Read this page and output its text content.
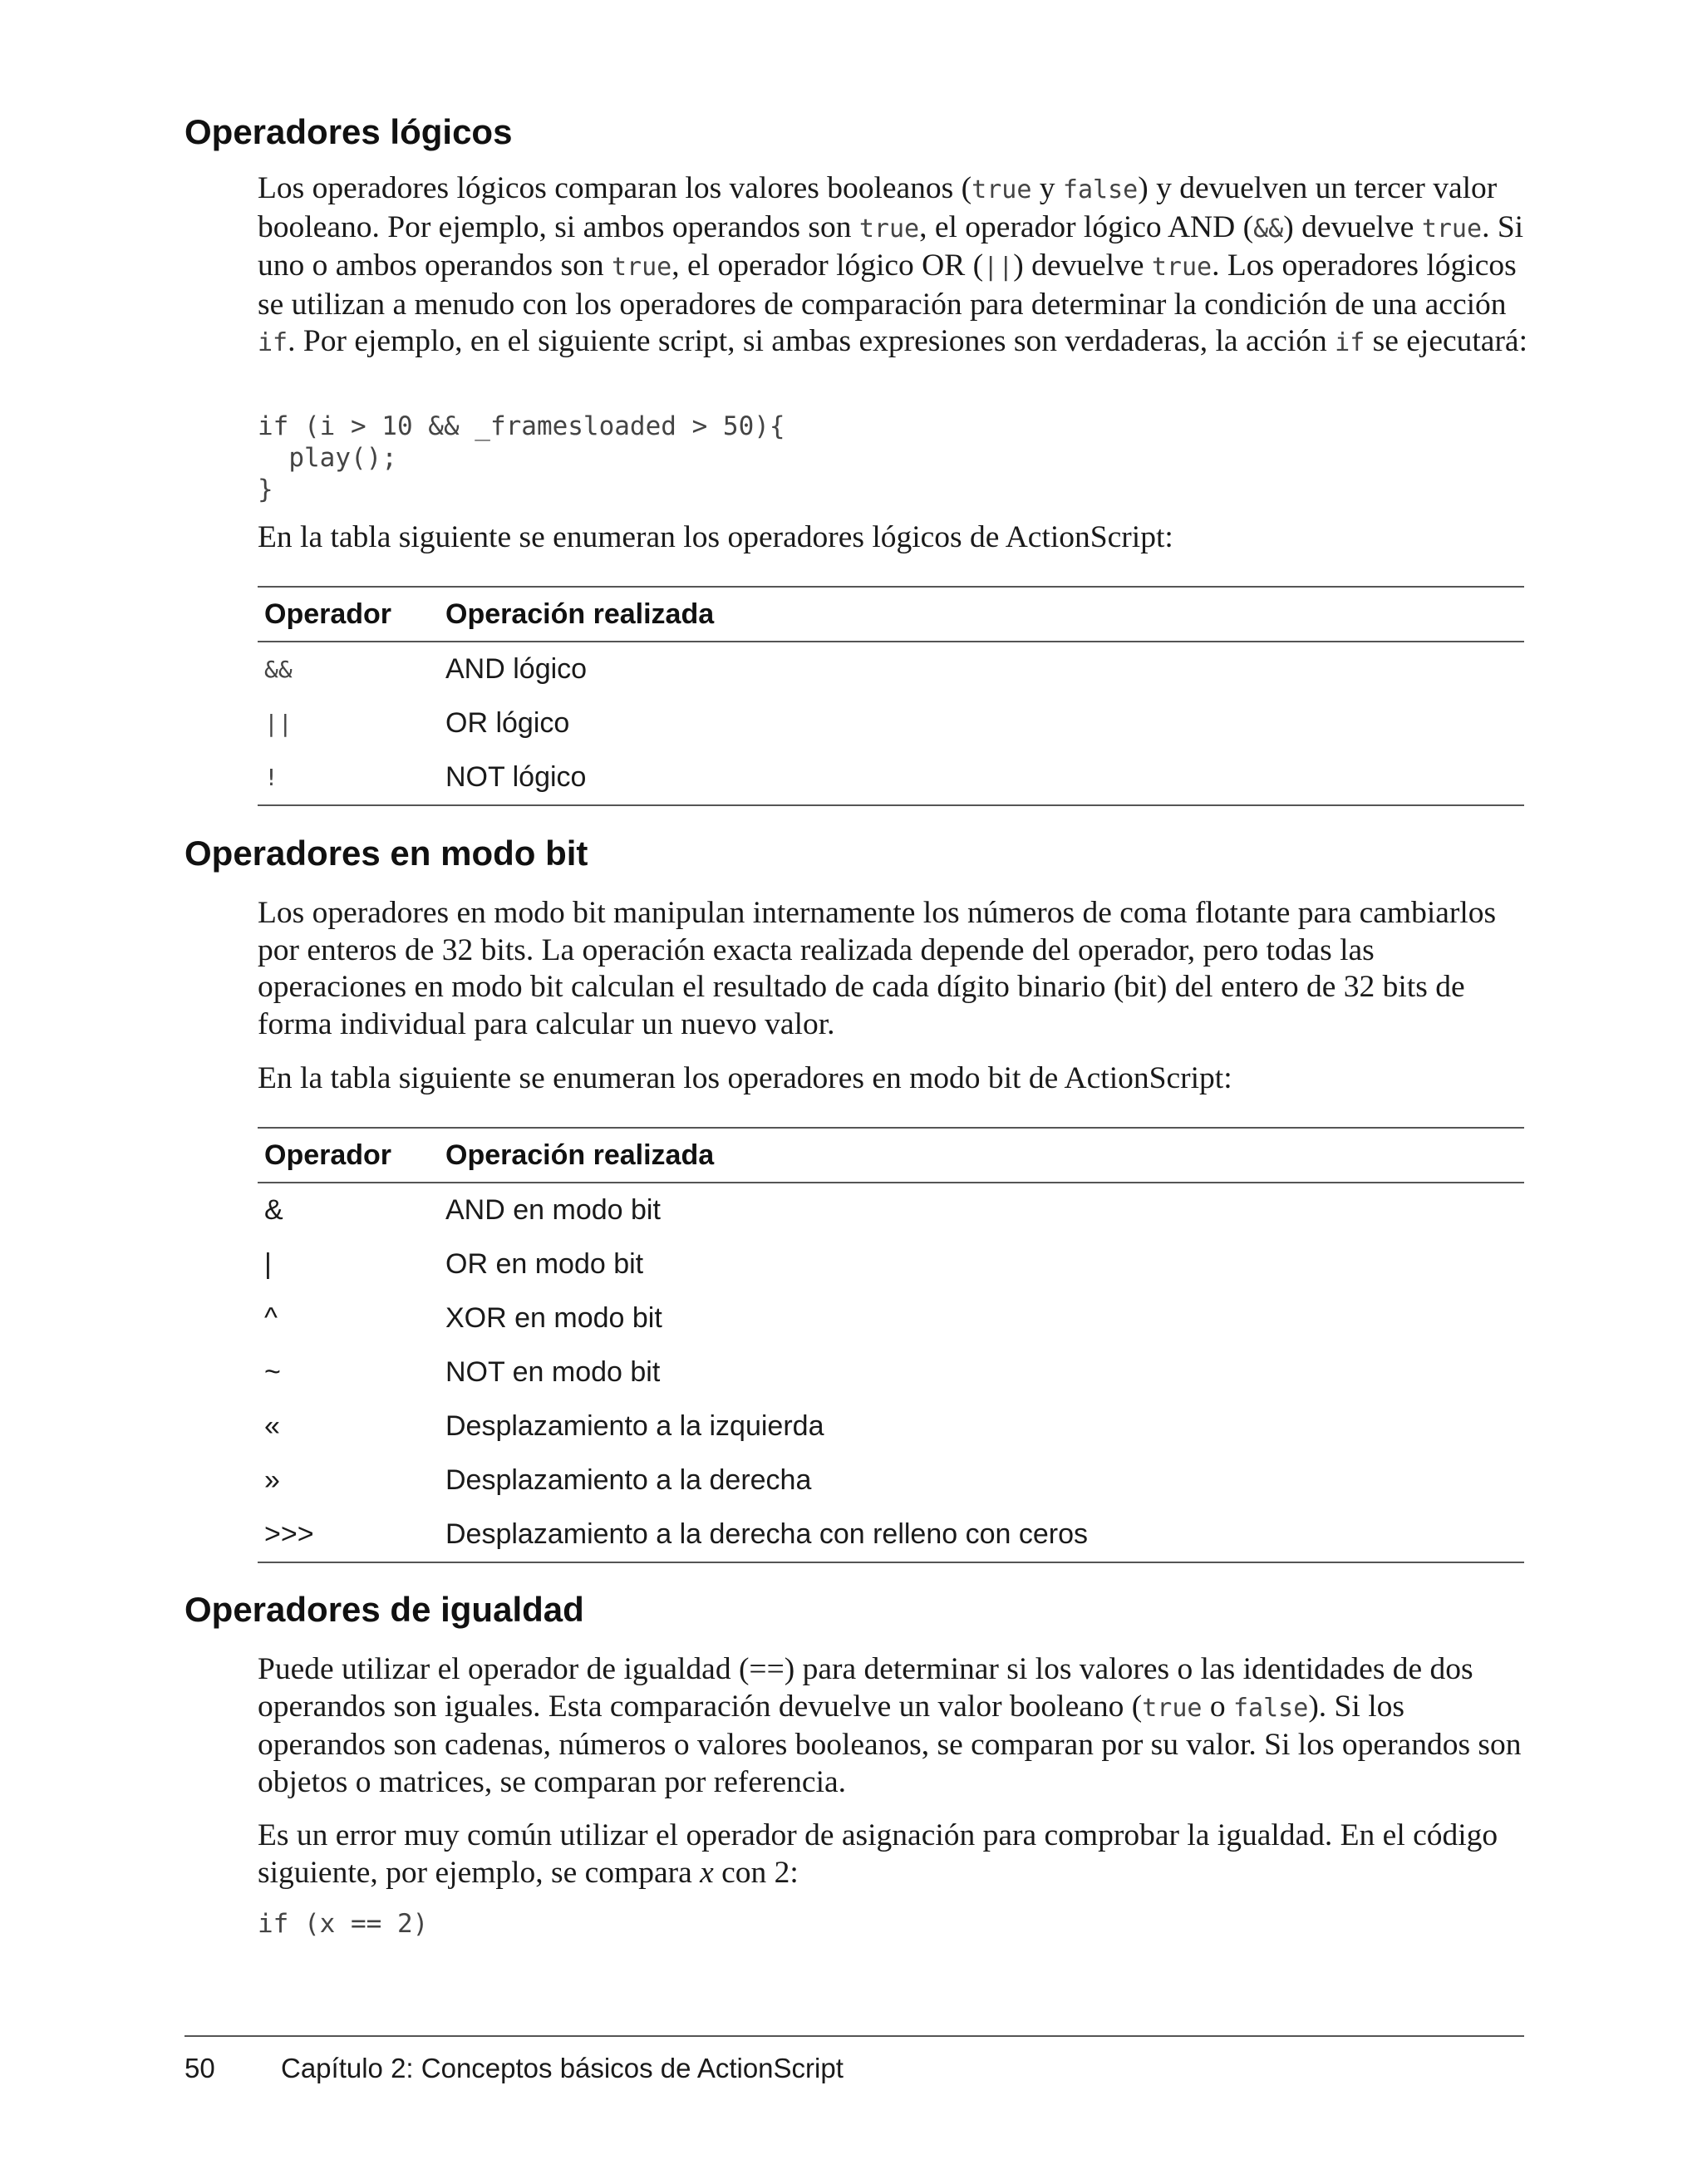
Operadores lógicos

Los operadores lógicos comparan los valores booleanos (true y false) y devuelven un tercer valor booleano. Por ejemplo, si ambos operandos son true, el operador lógico AND (&&) devuelve true. Si uno o ambos operandos son true, el operador lógico OR (||) devuelve true. Los operadores lógicos se utilizan a menudo con los operadores de comparación para determinar la condición de una acción if. Por ejemplo, en el siguiente script, si ambas expresiones son verdaderas, la acción if se ejecutará:

if (i > 10 && _framesloaded > 50){
play();
}

En la tabla siguiente se enumeran los operadores lógicos de ActionScript:

Operador	Operación realizada
&&	AND lógico
||	OR lógico
!	NOT lógico
Operadores en modo bit

Los operadores en modo bit manipulan internamente los números de coma flotante para cambiarlos por enteros de 32 bits. La operación exacta realizada depende del operador, pero todas las operaciones en modo bit calculan el resultado de cada dígito binario (bit) del entero de 32 bits de forma individual para calcular un nuevo valor.

En la tabla siguiente se enumeran los operadores en modo bit de ActionScript:

Operador	Operación realizada
&	AND en modo bit
|	OR en modo bit
^	XOR en modo bit
~	NOT en modo bit
«	Desplazamiento a la izquierda
»	Desplazamiento a la derecha
>>>	Desplazamiento a la derecha con relleno con ceros
Operadores de igualdad

Puede utilizar el operador de igualdad (==) para determinar si los valores o las identidades de dos operandos son iguales. Esta comparación devuelve un valor booleano (true o false). Si los operandos son cadenas, números o valores booleanos, se comparan por su valor. Si los operandos son objetos o matrices, se comparan por referencia.

Es un error muy común utilizar el operador de asignación para comprobar la igualdad. En el código siguiente, por ejemplo, se compara x con 2:

if (x == 2)
50 Capítulo 2: Conceptos básicos de ActionScript
